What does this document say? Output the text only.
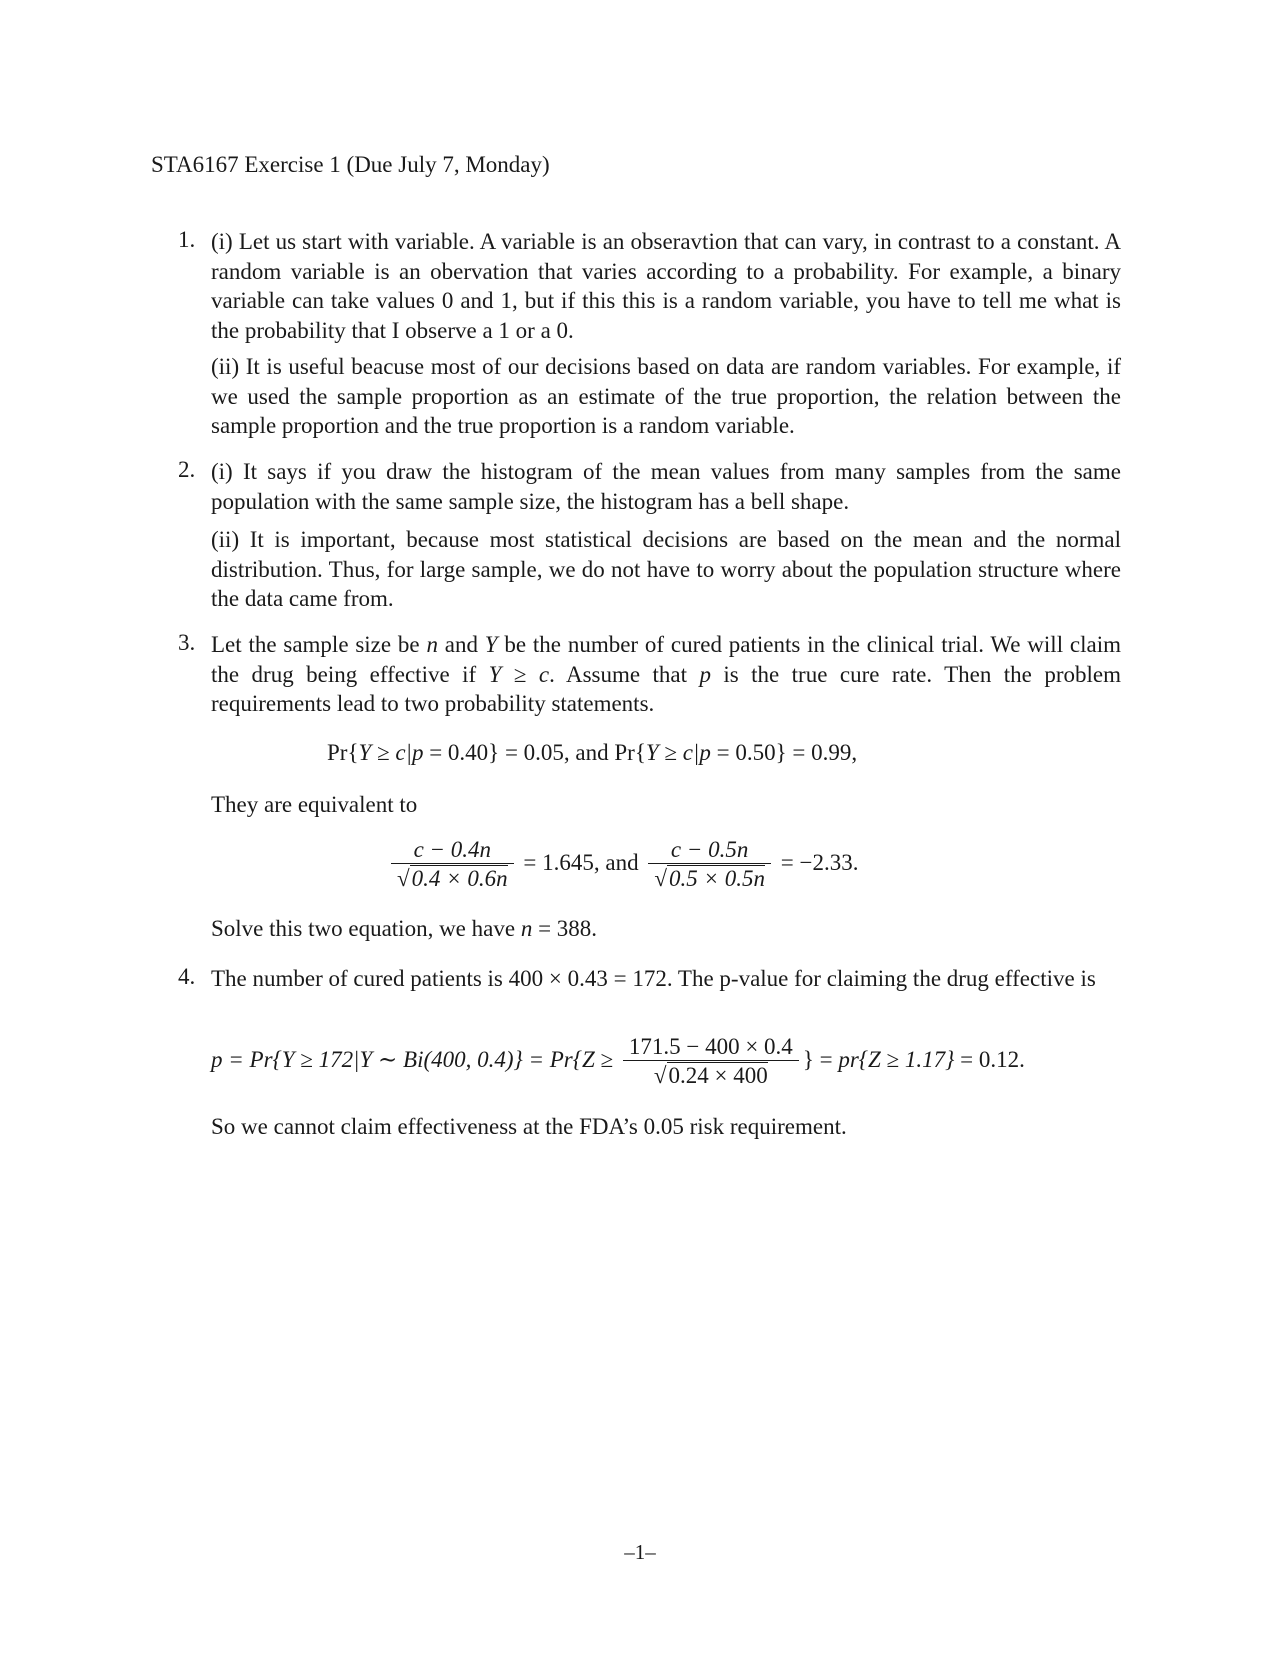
STA6167 Exercise 1 (Due July 7, Monday)
1. (i) Let us start with variable. A variable is an obseravtion that can vary, in contrast to a constant. A random variable is an obervation that varies according to a probability. For example, a binary variable can take values 0 and 1, but if this this is a random variable, you have to tell me what is the probability that I observe a 1 or a 0.
(ii) It is useful beacuse most of our decisions based on data are random variables. For example, if we used the sample proportion as an estimate of the true proportion, the relation between the sample proportion and the true proportion is a random variable.
2. (i) It says if you draw the histogram of the mean values from many samples from the same population with the same sample size, the histogram has a bell shape.
(ii) It is important, because most statistical decisions are based on the mean and the normal distribution. Thus, for large sample, we do not have to worry about the population structure where the data came from.
3. Let the sample size be n and Y be the number of cured patients in the clinical trial. We will claim the drug being effective if Y ≥ c. Assume that p is the true cure rate. Then the problem requirements lead to two probability statements.
Pr{Y ≥ c|p = 0.40} = 0.05, and Pr{Y ≥ c|p = 0.50} = 0.99,
They are equivalent to
$\frac{c - 0.4n}{√0.4 \times 0.6n} = 1.645$, and $\frac{c - 0.5n}{√0.5 \times 0.5n} = -2.33$.
Solve this two equation, we have n = 388.
4. The number of cured patients is 400 × 0.43 = 172. The p-value for claiming the drug effective is
p = Pr{Y ≥ 172|Y ∼ Bi(400, $0.4)\} = Pr\{Z \ge \frac{171.5 - 400 \times 0.4}{√0.24 \times 400}$ } = pr{Z ≥ 1.17} = 0.12.
So we cannot claim effectiveness at the FDA’s 0.05 risk requirement.
–1–
